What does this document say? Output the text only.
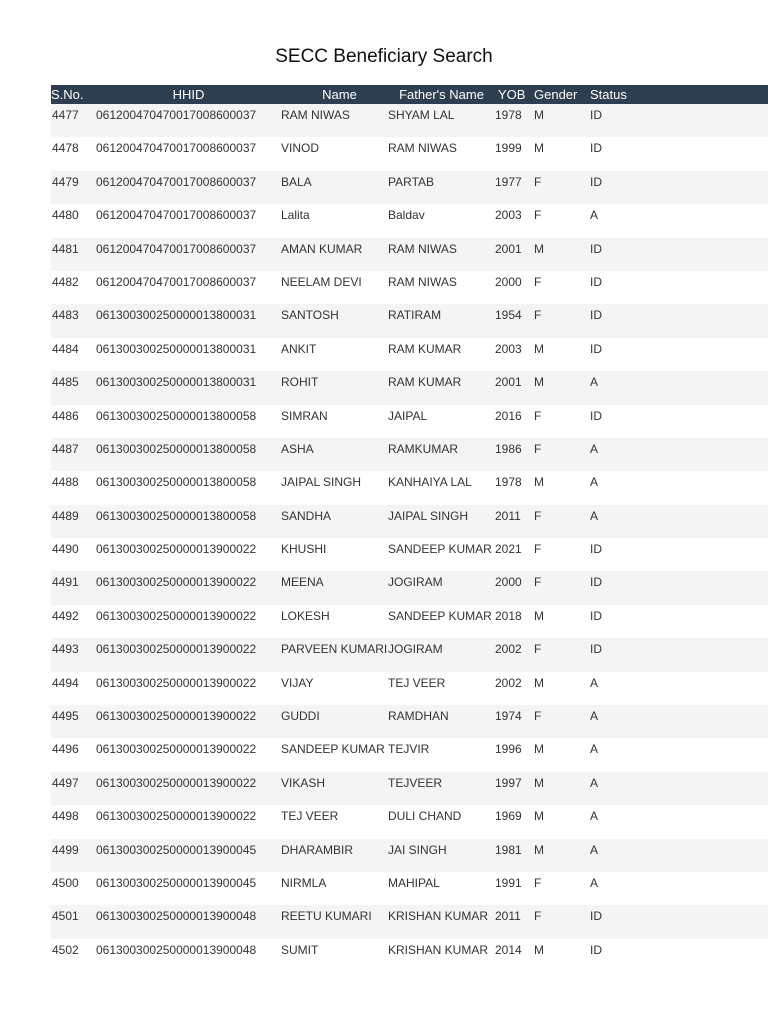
SECC Beneficiary Search
S.No.	HHID	Name	Father's Name	YOB Gender Status
4477	061200470470017008600037	RAM NIWAS	SHYAM LAL	1978	M	ID
4478	061200470470017008600037	VINOD	RAM NIWAS	1999	M	ID
4479	061200470470017008600037	BALA	PARTAB	1977	F	ID
4480	061200470470017008600037	Lalita	Baldav	2003	F	A
4481	061200470470017008600037	AMAN KUMAR	RAM NIWAS	2001	M	ID
4482	061200470470017008600037	NEELAM DEVI	RAM NIWAS	2000	F	ID
4483	061300300250000013800031	SANTOSH	RATIRAM	1954	F	ID
4484	061300300250000013800031	ANKIT	RAM KUMAR	2003	M	ID
4485	061300300250000013800031	ROHIT	RAM KUMAR	2001	M	A
4486	061300300250000013800058	SIMRAN	JAIPAL	2016	F	ID
4487	061300300250000013800058	ASHA	RAMKUMAR	1986	F	A
4488	061300300250000013800058	JAIPAL SINGH	KANHAIYA LAL	1978	M	A
4489	061300300250000013800058	SANDHA	JAIPAL SINGH	2011	F	A
4490	061300300250000013900022	KHUSHI	SANDEEP KUMAR 2021	F	ID
4491	061300300250000013900022	MEENA	JOGIRAM	2000	F	ID
4492	061300300250000013900022	LOKESH	SANDEEP KUMAR 2018	M	ID
4493	061300300250000013900022	PARVEEN KUMARI JOGIRAM	2002	F	ID
4494	061300300250000013900022	VIJAY	TEJ VEER	2002	M	A
4495	061300300250000013900022	GUDDI	RAMDHAN	1974	F	A
4496	061300300250000013900022	SANDEEP KUMAR TEJVIR	1996	M	A
4497	061300300250000013900022	VIKASH	TEJVEER	1997	M	A
4498	061300300250000013900022	TEJ VEER	DULI CHAND	1969	M	A
4499	061300300250000013900045	DHARAMBIR	JAI SINGH	1981	M	A
4500	061300300250000013900045	NIRMLA	MAHIPAL	1991	F	A
4501	061300300250000013900048	REETU KUMARI	KRISHAN KUMAR 2011	F	ID
4502	061300300250000013900048	SUMIT	KRISHAN KUMAR 2014	M	ID
